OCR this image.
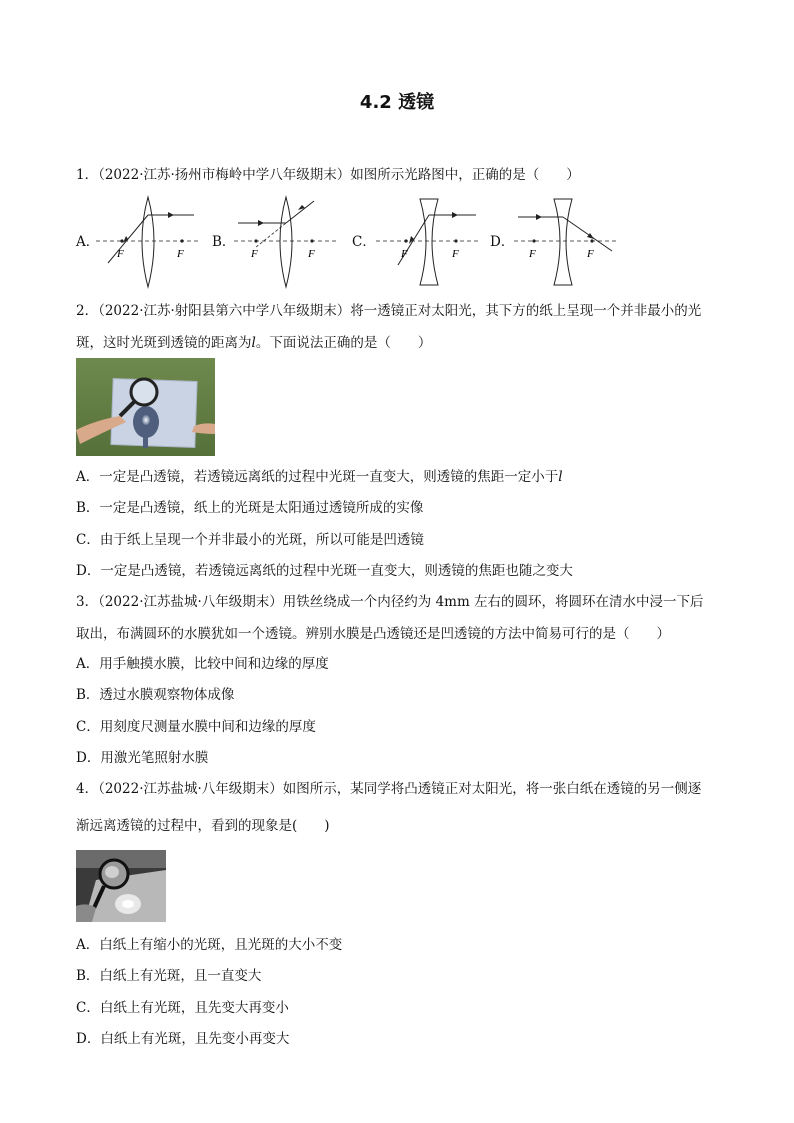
4.2 透镜
1．（2022·江苏·扬州市梅岭中学八年级期末）如图所示光路图中，正确的是（　　）
A．	B．	C．	D．
F	F	F	F	F	F	F	F
2．（2022·江苏·射阳县第六中学八年级期末）将一透镜正对太阳光，其下方的纸上呈现一个并非最小的光斑，这时光斑到透镜的距离为l。下面说法正确的是（　　）
A．一定是凸透镜，若透镜远离纸的过程中光斑一直变大，则透镜的焦距一定小于l
B．一定是凸透镜，纸上的光斑是太阳通过透镜所成的实像
C．由于纸上呈现一个并非最小的光斑，所以可能是凹透镜
D．一定是凸透镜，若透镜远离纸的过程中光斑一直变大，则透镜的焦距也随之变大
3．（2022·江苏盐城·八年级期末）用铁丝绕成一个内径约为 4mm 左右的圆环，将圆环在清水中浸一下后取出，布满圆环的水膜犹如一个透镜。辨别水膜是凸透镜还是凹透镜的方法中简易可行的是（　　）
A．用手触摸水膜，比较中间和边缘的厚度
B．透过水膜观察物体成像
C．用刻度尺测量水膜中间和边缘的厚度
D．用激光笔照射水膜
4．（2022·江苏盐城·八年级期末）如图所示，某同学将凸透镜正对太阳光，将一张白纸在透镜的另一侧逐
渐远离透镜的过程中，看到的现象是(　　)
A．白纸上有缩小的光斑，且光斑的大小不变
B．白纸上有光斑，且一直变大
C．白纸上有光斑，且先变大再变小
D．白纸上有光斑，且先变小再变大
